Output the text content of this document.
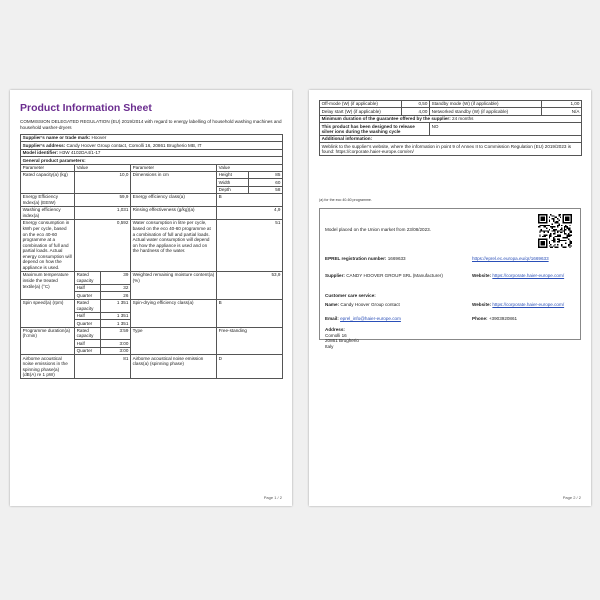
Product Information Sheet
COMMISSION DELEGATED REGULATION (EU) 2019/2014 with regard to energy labelling of household washing machines and household washer-dryers
Supplier’s name or trade mark: Hoover					
Supplier’s address: Candy Hoover Group contact, Comolli 16, 20861 Brugherio MB, IT					
Model identifier: H3W 4102DA4/1-17					
General product parameters:					
Parameter	Value		Parameter	Value	
Rated capacity(a) (kg)	10,0		Dimensions in cm	Height	85
				Width	60
				Depth	58
Energy Efficiency Index(a) (EEIW)	59,9		Energy efficiency class(a)	B	
Washing efficiency index(a)	1,031		Rinsing effectiveness (g/kg)(a)	4,9	
Energy consumption in kWh per cycle, based on the eco 40-60 programme at a combination of full and partial loads. Actual energy consumption will depend on how the appliance is used.	0,592		Water consumption in litre per cycle, based on the eco 40-60 programme at a combination of full and partial loads. Actual water consumption will depend on how the appliance is used and on the hardness of the water.	51	
Maximum temperature inside the treated textile(a) (°C)	Rated capacity	39	Weighted remaining moisture content(a) (%)	53,9	
	Half	32			
	Quarter	26			
Spin speed(a) (rpm)	Rated capacity	1 351	Spin-drying efficiency class(a)	B	
	Half	1 351			
	Quarter	1 351			
Programme duration(a) (h:min)	Rated capacity	3:59	Type	Free-standing	
	Half	3:00			
	Quarter	3:00			
Airborne acoustical noise emissions in the spinning phase(a) (dB(A) re 1 pW)	81		Airborne acoustical noise emission class(a) (spinning phase)	D	
Page 1 / 2
Off-mode (W) (if applicable)	0,50	Standby mode (W) (if applicable)	1,00
Delay start (W) (if applicable)	4,00	Networked standby (W) (if applicable)	N/A
Minimum duration of the guarantee offered by the supplier: 24 months			
This product has been designed to release silver ions during the washing cycle		NO	
Additional information:			
Weblink to the supplier’s website, where the information in point 9 of Annex II to Commission Regulation (EU) 2019/2023 is found: https://corporate.haier-europe.com/en/			
(a) for the eco 40-60 programme.
Model placed on the Union market from 23/08/2023.
EPREL registration number: 1669633	https://eprel.ec.europa.eu/qr/1669633
Supplier: CANDY HOOVER GROUP SRL (Manufacturer)	Website: https://corporate.haier-europe.com/
Customer care service:
Name: Candy Hoover Group contact	Website: https://corporate.haier-europe.com/
Email: eprel_info@haier-europe.com	Phone: +3903920861
Address:
Comolli 16
20861 Brugherio
Italy
Page 2 / 2
